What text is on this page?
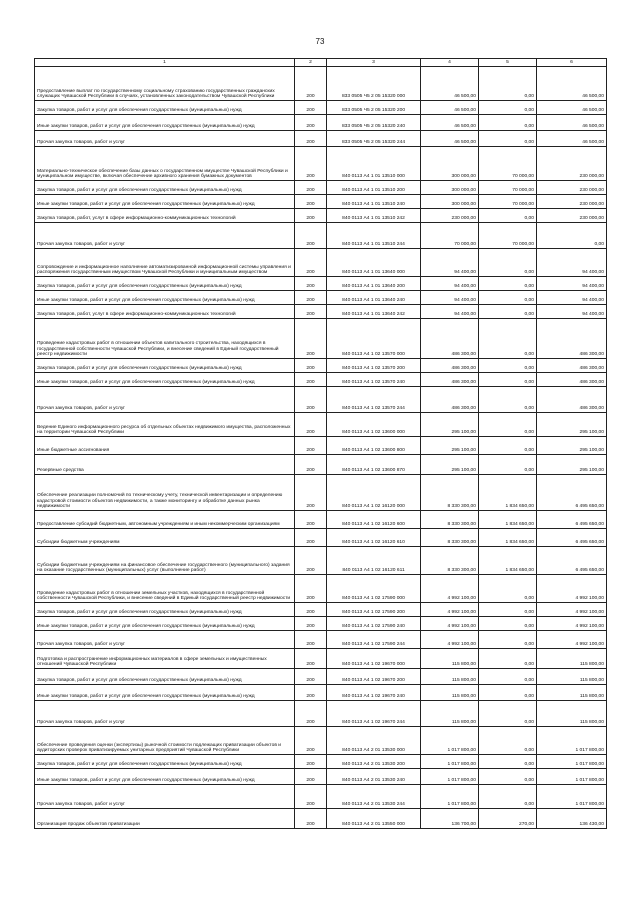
73
1	2	3	4	5	6
Предоставление выплат по государственному социальному страхованию государственных гражданских служащих Чувашской Республики в случаях, установленных законодательством Чувашской Республики	200	833 0505 Ч5 2 05 15320 000	46 500,00	0,00	46 500,00
Закупка товаров, работ и услуг для обеспечения государственных (муниципальных) нужд	200	833 0505 Ч5 2 05 15320 200	46 500,00	0,00	46 500,00
Иные закупки товаров, работ и услуг для обеспечения государственных (муниципальных) нужд	200	833 0505 Ч5 2 05 15320 240	46 500,00	0,00	46 500,00
Прочая закупка товаров, работ и услуг	200	833 0505 Ч5 2 05 15320 244	46 500,00	0,00	46 500,00
Материально-техническое обеспечение базы данных о государственном имуществе Чувашской Республики и муниципальном имуществе, включая обеспечение архивного хранения бумажных документов	200	840 0113 А4 1 01 13510 000	300 000,00	70 000,00	230 000,00
Закупка товаров, работ и услуг для обеспечения государственных (муниципальных) нужд	200	840 0113 А4 1 01 13510 200	300 000,00	70 000,00	230 000,00
Иные закупки товаров, работ и услуг для обеспечения государственных (муниципальных) нужд	200	840 0113 А4 1 01 13510 240	300 000,00	70 000,00	230 000,00
Закупка товаров, работ, услуг в сфере информационно-коммуникационных технологий	200	840 0113 А4 1 01 13510 242	230 000,00	0,00	230 000,00
Прочая закупка товаров, работ и услуг	200	840 0113 А4 1 01 13510 244	70 000,00	70 000,00	0,00
Сопровождение и информационное наполнение автоматизированной информационной системы управления и распоряжения государственным имуществом Чувашской Республики и муниципальным имуществом	200	840 0113 А4 1 01 13640 000	94 400,00	0,00	94 400,00
Закупка товаров, работ и услуг для обеспечения государственных (муниципальных) нужд	200	840 0113 А4 1 01 13640 200	94 400,00	0,00	94 400,00
Иные закупки товаров, работ и услуг для обеспечения государственных (муниципальных) нужд	200	840 0113 А4 1 01 13640 240	94 400,00	0,00	94 400,00
Закупка товаров, работ, услуг в сфере информационно-коммуникационных технологий	200	840 0113 А4 1 01 13640 242	94 400,00	0,00	94 400,00
Проведение кадастровых работ в отношении объектов капитального строительства, находящихся в государственной собственности Чувашской Республики, и внесение сведений в Единый государственный реестр недвижимости	200	840 0113 А4 1 02 13570 000	486 300,00	0,00	486 300,00
Закупка товаров, работ и услуг для обеспечения государственных (муниципальных) нужд	200	840 0113 А4 1 02 13570 200	486 300,00	0,00	486 300,00
Иные закупки товаров, работ и услуг для обеспечения государственных (муниципальных) нужд	200	840 0113 А4 1 02 13570 240	486 300,00	0,00	486 300,00
Прочая закупка товаров, работ и услуг	200	840 0113 А4 1 02 13570 244	486 300,00	0,00	486 300,00
Ведение Единого информационного ресурса об отдельных объектах недвижимого имущества, расположенных на территории Чувашской Республики	200	840 0113 А4 1 02 13600 000	295 100,00	0,00	295 100,00
Иные бюджетные ассигнования	200	840 0113 А4 1 02 13600 800	295 100,00	0,00	295 100,00
Резервные средства	200	840 0113 А4 1 02 13600 870	295 100,00	0,00	295 100,00
Обеспечение реализации полномочий по техническому учету, технической инвентаризации и определению кадастровой стоимости объектов недвижимости, а также мониторингу и обработке данных рынка недвижимости	200	840 0113 А4 1 02 16120 000	8 330 300,00	1 834 650,00	6 495 650,00
Предоставление субсидий бюджетным, автономным учреждениям и иным некоммерческим организациям	200	840 0113 А4 1 02 16120 600	8 330 300,00	1 834 650,00	6 495 650,00
Субсидии бюджетным учреждениям	200	840 0113 А4 1 02 16120 610	8 330 300,00	1 834 650,00	6 495 650,00
Субсидии бюджетным учреждениям на финансовое обеспечение государственного (муниципального) задания на оказание государственных (муниципальных) услуг (выполнение работ)	200	840 0113 А4 1 02 16120 611	8 330 300,00	1 834 650,00	6 495 650,00
Проведение кадастровых работ в отношении земельных участков, находящихся в государственной собственности Чувашской Республики, и внесение сведений в Единый государственный реестр недвижимости	200	840 0113 А4 1 02 17590 000	4 992 100,00	0,00	4 992 100,00
Закупка товаров, работ и услуг для обеспечения государственных (муниципальных) нужд	200	840 0113 А4 1 02 17590 200	4 992 100,00	0,00	4 992 100,00
Иные закупки товаров, работ и услуг для обеспечения государственных (муниципальных) нужд	200	840 0113 А4 1 02 17590 240	4 992 100,00	0,00	4 992 100,00
Прочая закупка товаров, работ и услуг	200	840 0113 А4 1 02 17590 244	4 992 100,00	0,00	4 992 100,00
Подготовка и распространение информационных материалов в сфере земельных и имущественных отношений Чувашской Республики	200	840 0113 А4 1 02 19670 000	115 800,00	0,00	115 800,00
Закупка товаров, работ и услуг для обеспечения государственных (муниципальных) нужд	200	840 0113 А4 1 02 19670 200	115 800,00	0,00	115 800,00
Иные закупки товаров, работ и услуг для обеспечения государственных (муниципальных) нужд	200	840 0113 А4 1 02 19670 240	115 800,00	0,00	115 800,00
Прочая закупка товаров, работ и услуг	200	840 0113 А4 1 02 19670 244	115 800,00	0,00	115 800,00
Обеспечение проведения оценки (экспертизы) рыночной стоимости подлежащих приватизации объектов и аудиторских проверок приватизируемых унитарных предприятий Чувашской Республики	200	840 0113 А4 2 01 13530 000	1 017 800,00	0,00	1 017 800,00
Закупка товаров, работ и услуг для обеспечения государственных (муниципальных) нужд	200	840 0113 А4 2 01 13530 200	1 017 800,00	0,00	1 017 800,00
Иные закупки товаров, работ и услуг для обеспечения государственных (муниципальных) нужд	200	840 0113 А4 2 01 13530 240	1 017 800,00	0,00	1 017 800,00
Прочая закупка товаров, работ и услуг	200	840 0113 А4 2 01 13530 244	1 017 800,00	0,00	1 017 800,00
Организация продаж объектов приватизации	200	840 0113 А4 2 01 13550 000	136 700,00	270,00	136 430,00
